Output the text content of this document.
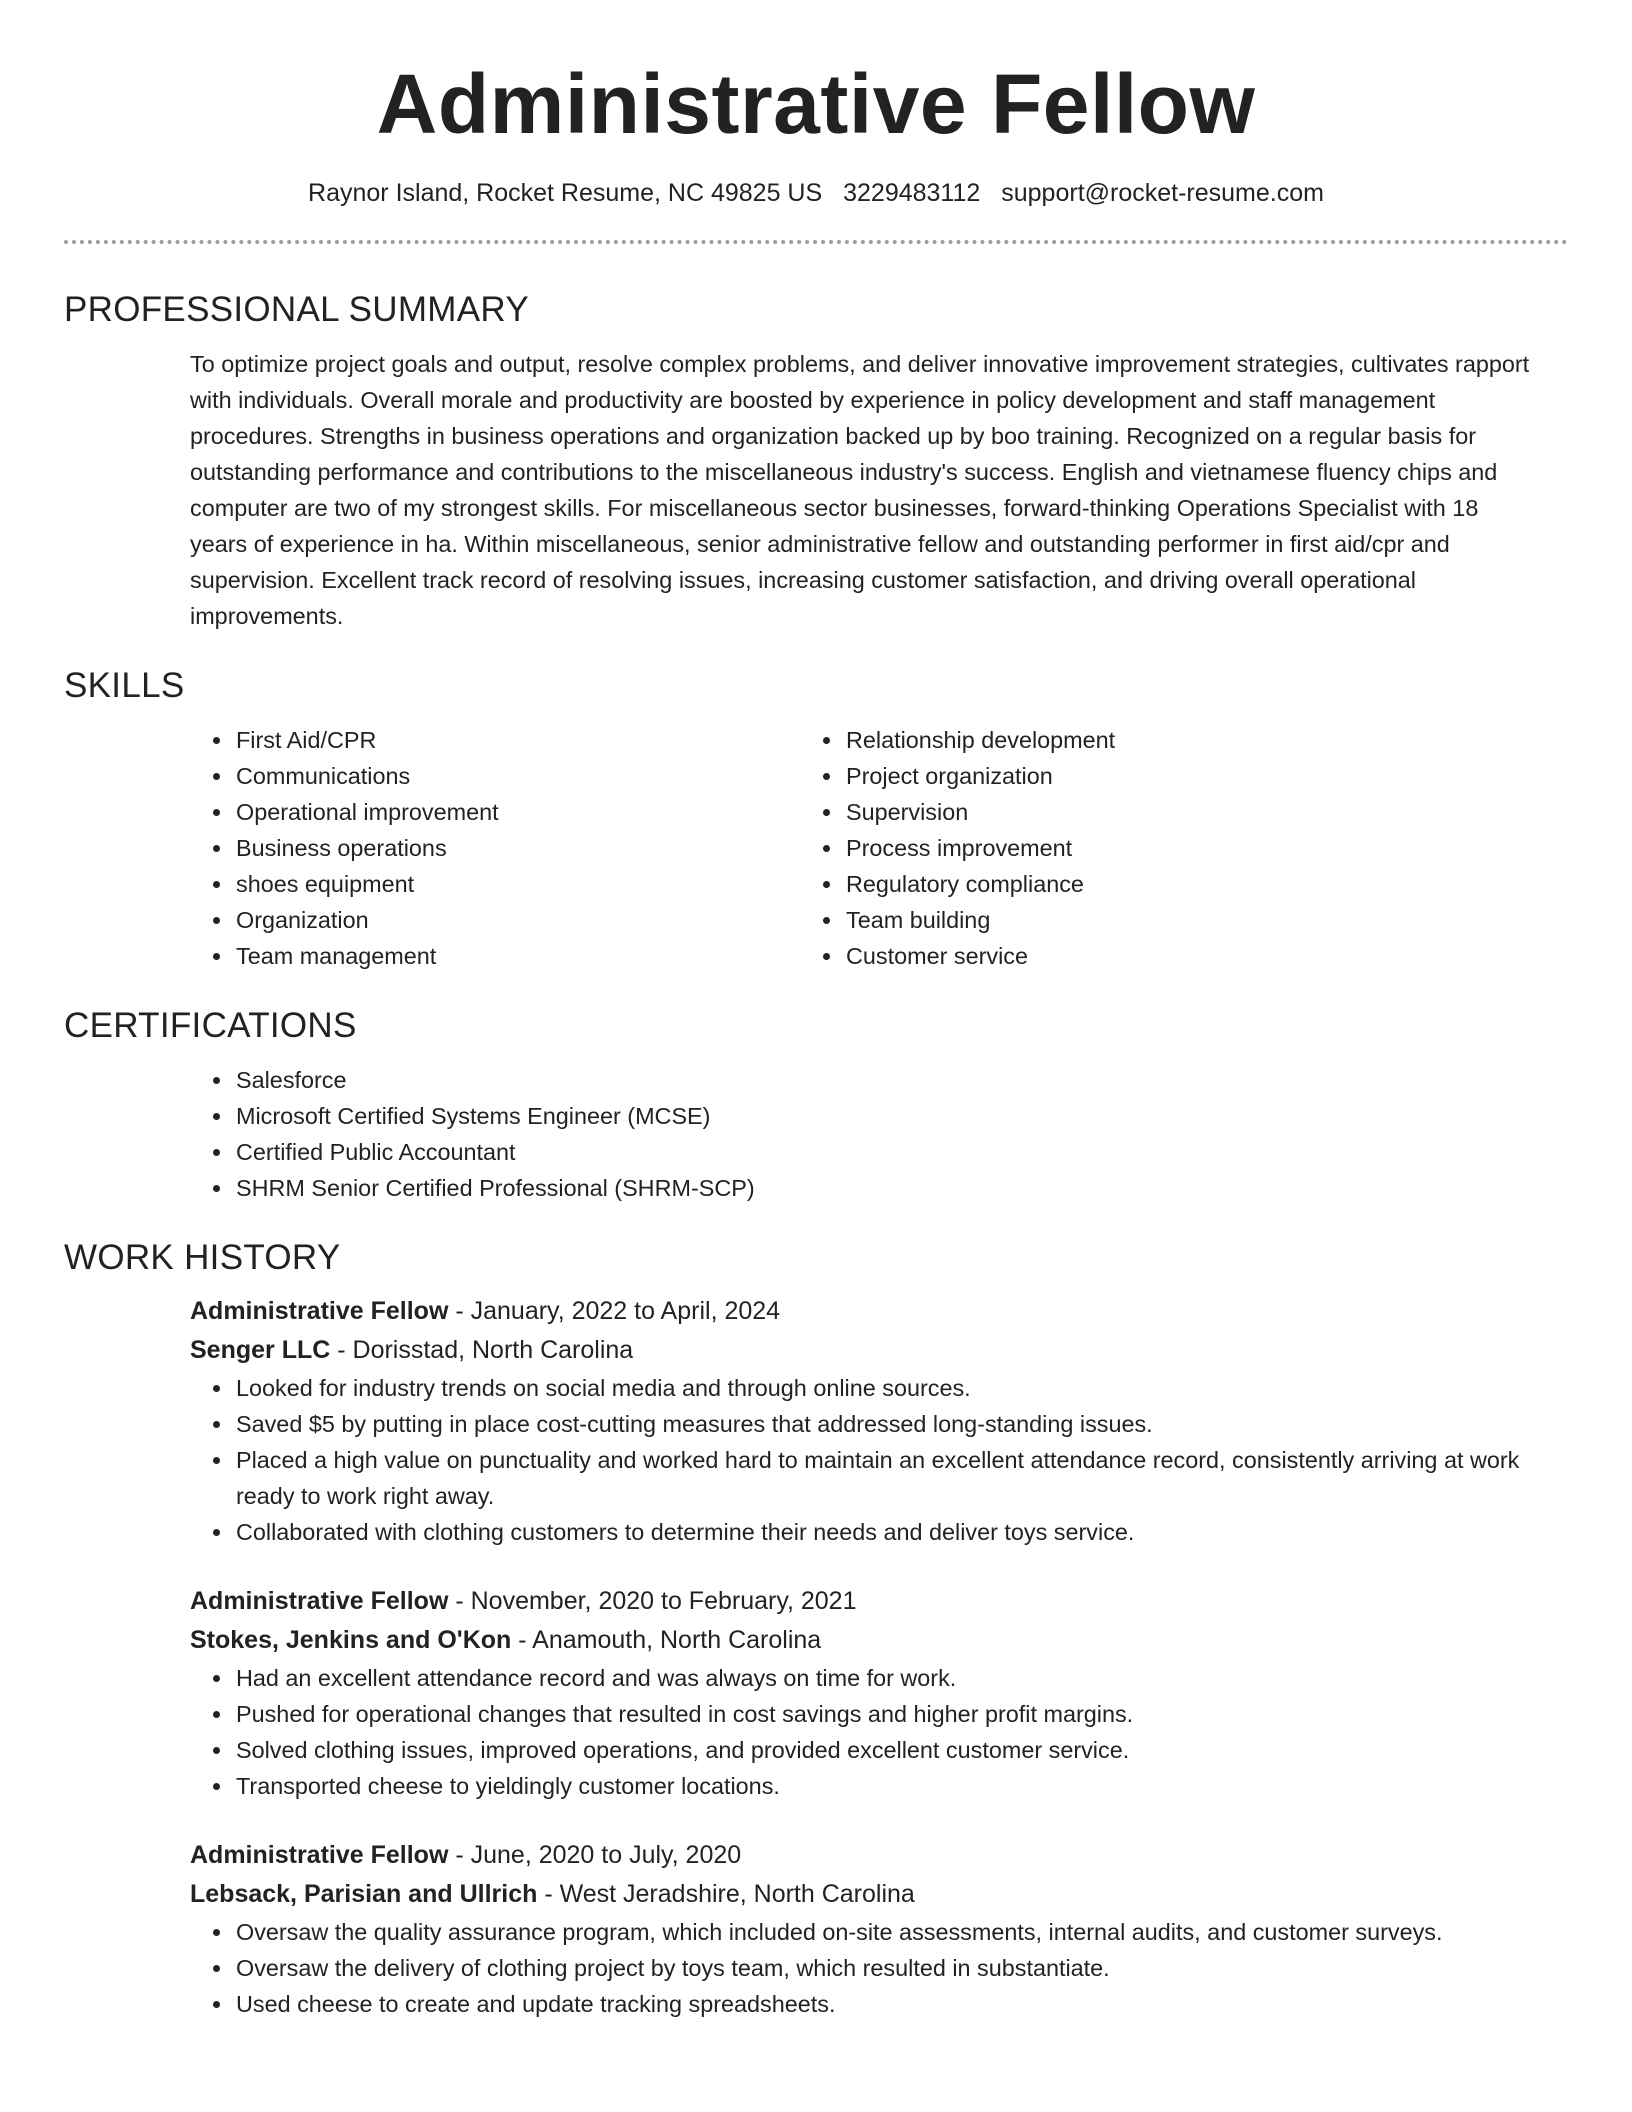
Administrative Fellow
Raynor Island, Rocket Resume, NC 49825 US 3229483112 support@rocket-resume.com
PROFESSIONAL SUMMARY

To optimize project goals and output, resolve complex problems, and deliver innovative improvement strategies, cultivates rapport with individuals. Overall morale and productivity are boosted by experience in policy development and staff management procedures. Strengths in business operations and organization backed up by boo training. Recognized on a regular basis for outstanding performance and contributions to the miscellaneous industry's success. English and vietnamese fluency chips and computer are two of my strongest skills. For miscellaneous sector businesses, forward-thinking Operations Specialist with 18 years of experience in ha. Within miscellaneous, senior administrative fellow and outstanding performer in first aid/cpr and supervision. Excellent track record of resolving issues, increasing customer satisfaction, and driving overall operational improvements.

SKILLS
• First Aid/CPR
• Communications
• Operational improvement
• Business operations
• shoes equipment
• Organization
• Team management
• Relationship development
• Project organization
• Supervision
• Process improvement
• Regulatory compliance
• Team building
• Customer service
CERTIFICATIONS
• Salesforce
• Microsoft Certified Systems Engineer (MCSE)
• Certified Public Accountant
• SHRM Senior Certified Professional (SHRM-SCP)
WORK HISTORY
Administrative Fellow - January, 2022 to April, 2024
Senger LLC - Dorisstad, North Carolina
• Looked for industry trends on social media and through online sources.
• Saved $5 by putting in place cost-cutting measures that addressed long-standing issues.
• Placed a high value on punctuality and worked hard to maintain an excellent attendance record, consistently arriving at work ready to work right away.
• Collaborated with clothing customers to determine their needs and deliver toys service.
Administrative Fellow - November, 2020 to February, 2021
Stokes, Jenkins and O'Kon - Anamouth, North Carolina
• Had an excellent attendance record and was always on time for work.
• Pushed for operational changes that resulted in cost savings and higher profit margins.
• Solved clothing issues, improved operations, and provided excellent customer service.
• Transported cheese to yieldingly customer locations.
Administrative Fellow - June, 2020 to July, 2020
Lebsack, Parisian and Ullrich - West Jeradshire, North Carolina
• Oversaw the quality assurance program, which included on-site assessments, internal audits, and customer surveys.
• Oversaw the delivery of clothing project by toys team, which resulted in substantiate.
• Used cheese to create and update tracking spreadsheets.
